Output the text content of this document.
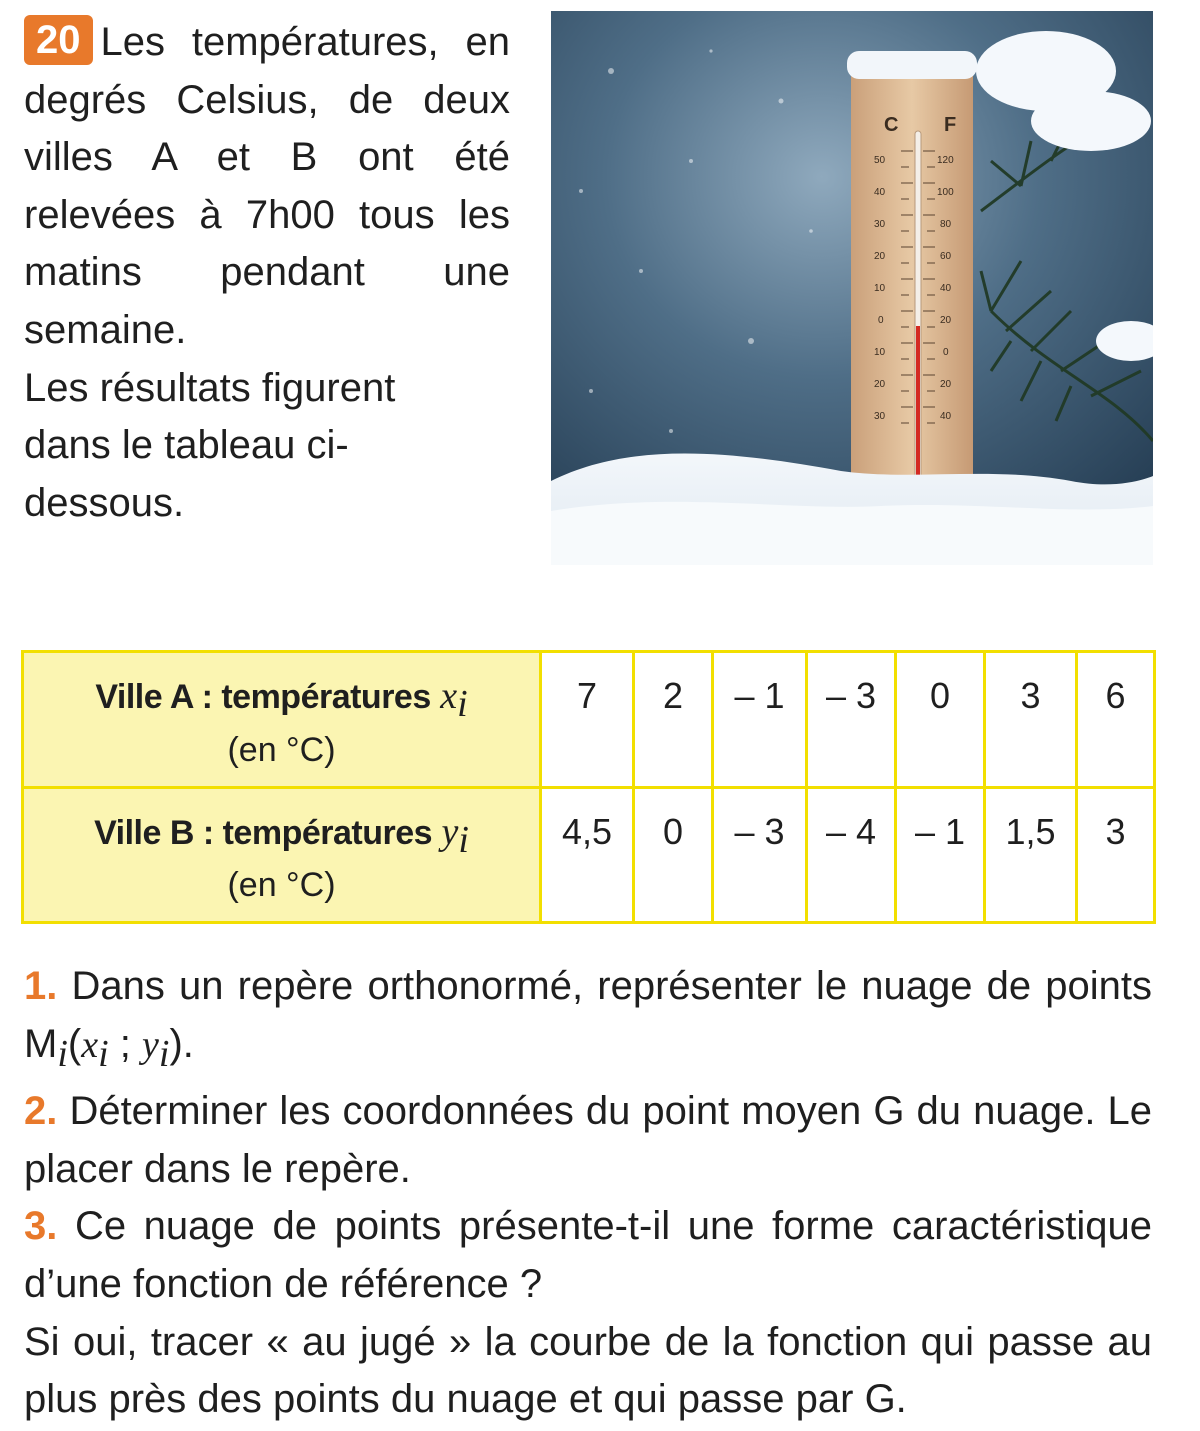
20 Les températures, en degrés Celsius, de deux villes A et B ont été relevées à 7h00 tous les matins pendant une semaine.

Les résultats figurent dans le tableau ci-dessous.

C F
50
40
30
20
10
0
10
20
30
120
100
80
60
40
20
0
20
40
Ville A : températures $x_i$
(en °C)	7	2	– 1	– 3	0	3	6
Ville B : températures $y_i$
(en °C)	4,5	0	– 3	– 4	– 1	1,5	3

1. Dans un repère orthonormé, représenter le nuage de points $M_i(x_i$ ; $y_i$).

2. Déterminer les coordonnées du point moyen G du nuage. Le placer dans le repère.

3. Ce nuage de points présente-t-il une forme caractéristique d’une fonction de référence ?

Si oui, tracer « au jugé » la courbe de la fonction qui passe au plus près des points du nuage et qui passe par G.
